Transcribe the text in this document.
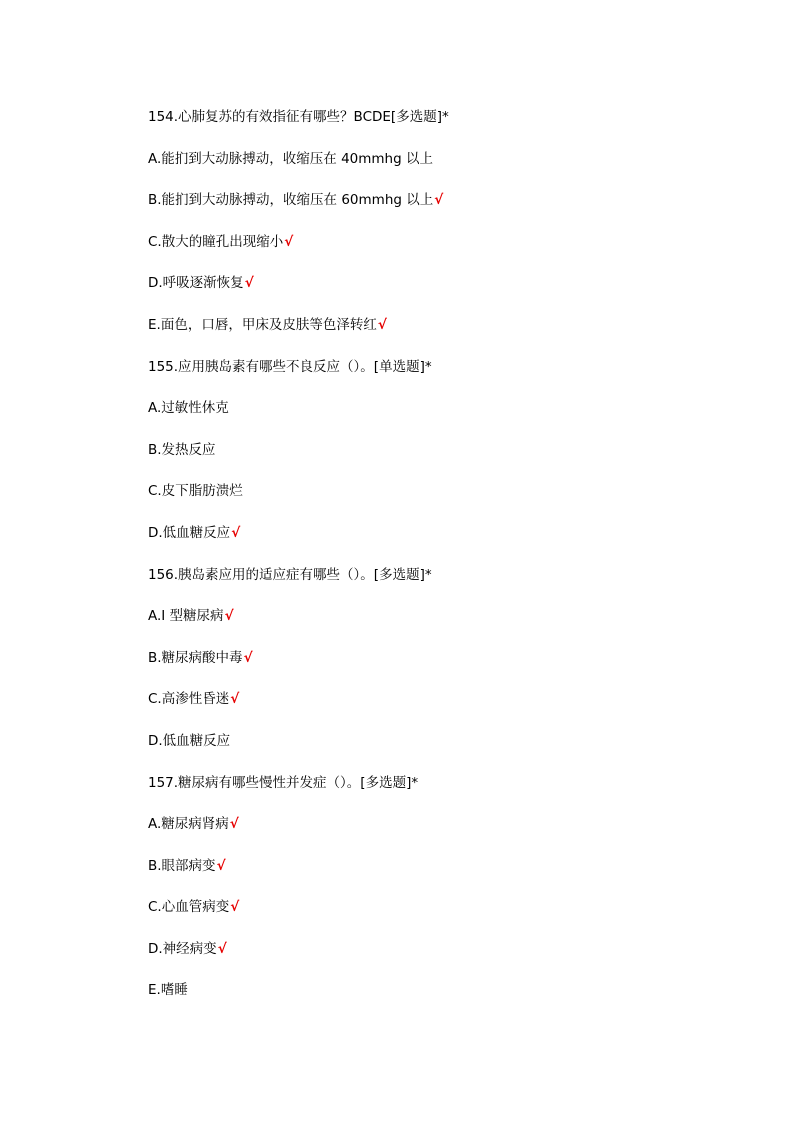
154.心肺复苏的有效指征有哪些？BCDE[多选题]*
A.能扪到大动脉搏动，收缩压在 40mmhg 以上
B.能扪到大动脉搏动，收缩压在 60mmhg 以上√
C.散大的瞳孔出现缩小√
D.呼吸逐渐恢复√
E.面色，口唇，甲床及皮肤等色泽转红√
155.应用胰岛素有哪些不良反应（）。[单选题]*
A.过敏性休克
B.发热反应
C.皮下脂肪溃烂
D.低血糖反应√
156.胰岛素应用的适应症有哪些（）。[多选题]*
A.I 型糖尿病√
B.糖尿病酸中毒√
C.高渗性昏迷√
D.低血糖反应
157.糖尿病有哪些慢性并发症（）。[多选题]*
A.糖尿病肾病√
B.眼部病变√
C.心血管病变√
D.神经病变√
E.嗜睡
